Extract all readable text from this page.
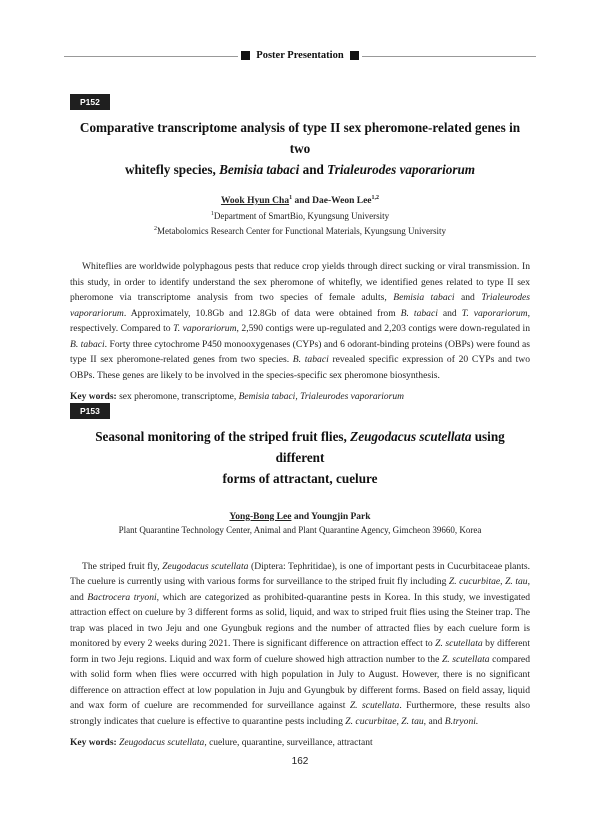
Poster Presentation
P152
Comparative transcriptome analysis of type II sex pheromone-related genes in two
whitefly species, Bemisia tabaci and Trialeurodes vaporariorum
Wook Hyun Cha$^1$ and Dae-Weon Lee$^{1,2}$
$^1$Department of SmartBio, Kyungsung University
$^2$Metabolomics Research Center for Functional Materials, Kyungsung University
Whiteflies are worldwide polyphagous pests that reduce crop yields through direct sucking or viral transmission. In this study, in order to identify understand the sex pheromone of whitefly, we identified genes related to type II sex pheromone via transcriptome analysis from two species of female adults, Bemisia tabaci and Trialeurodes vaporariorum. Approximately, 10.8Gb and 12.8Gb of data were obtained from B. tabaci and T. vaporariorum, respectively. Compared to T. vaporariorum, 2,590 contigs were up-regulated and 2,203 contigs were down-regulated in B. tabaci. Forty three cytochrome P450 monooxygenases (CYPs) and 6 odorant-binding proteins (OBPs) were found as type II sex pheromone-related genes from two species. B. tabaci revealed specific expression of 20 CYPs and two OBPs. These genes are likely to be involved in the species-specific sex pheromone biosynthesis.
Key words: sex pheromone, transcriptome, Bemisia tabaci, Trialeurodes vaporariorum
P153
Seasonal monitoring of the striped fruit flies, Zeugodacus scutellata using different
forms of attractant, cuelure
Yong-Bong Lee and Youngjin Park
Plant Quarantine Technology Center, Animal and Plant Quarantine Agency, Gimcheon 39660, Korea
The striped fruit fly, Zeugodacus scutellata (Diptera: Tephritidae), is one of important pests in Cucurbitaceae plants. The cuelure is currently using with various forms for surveillance to the striped fruit fly including Z. cucurbitae, Z. tau, and Bactrocera tryoni, which are categorized as prohibited-quarantine pests in Korea. In this study, we investigated attraction effect on cuelure by 3 different forms as solid, liquid, and wax to striped fruit flies using the Steiner trap. The trap was placed in two Jeju and one Gyungbuk regions and the number of attracted flies by each cuelure form is monitored by every 2 weeks during 2021. There is significant difference on attraction effect to Z. scutellata by different form in two Jeju regions. Liquid and wax form of cuelure showed high attraction number to the Z. scutellata compared with solid form when flies were occurred with high population in July to August. However, there is no significant difference on attraction effect at low population in Juju and Gyungbuk by different forms. Based on field assay, liquid and wax form of cuelure are recommended for surveillance against Z. scutellata. Furthermore, these results also strongly indicates that cuelure is effective to quarantine pests including Z. cucurbitae, Z. tau, and B.tryoni.
Key words: Zeugodacus scutellata, cuelure, quarantine, surveillance, attractant
162
